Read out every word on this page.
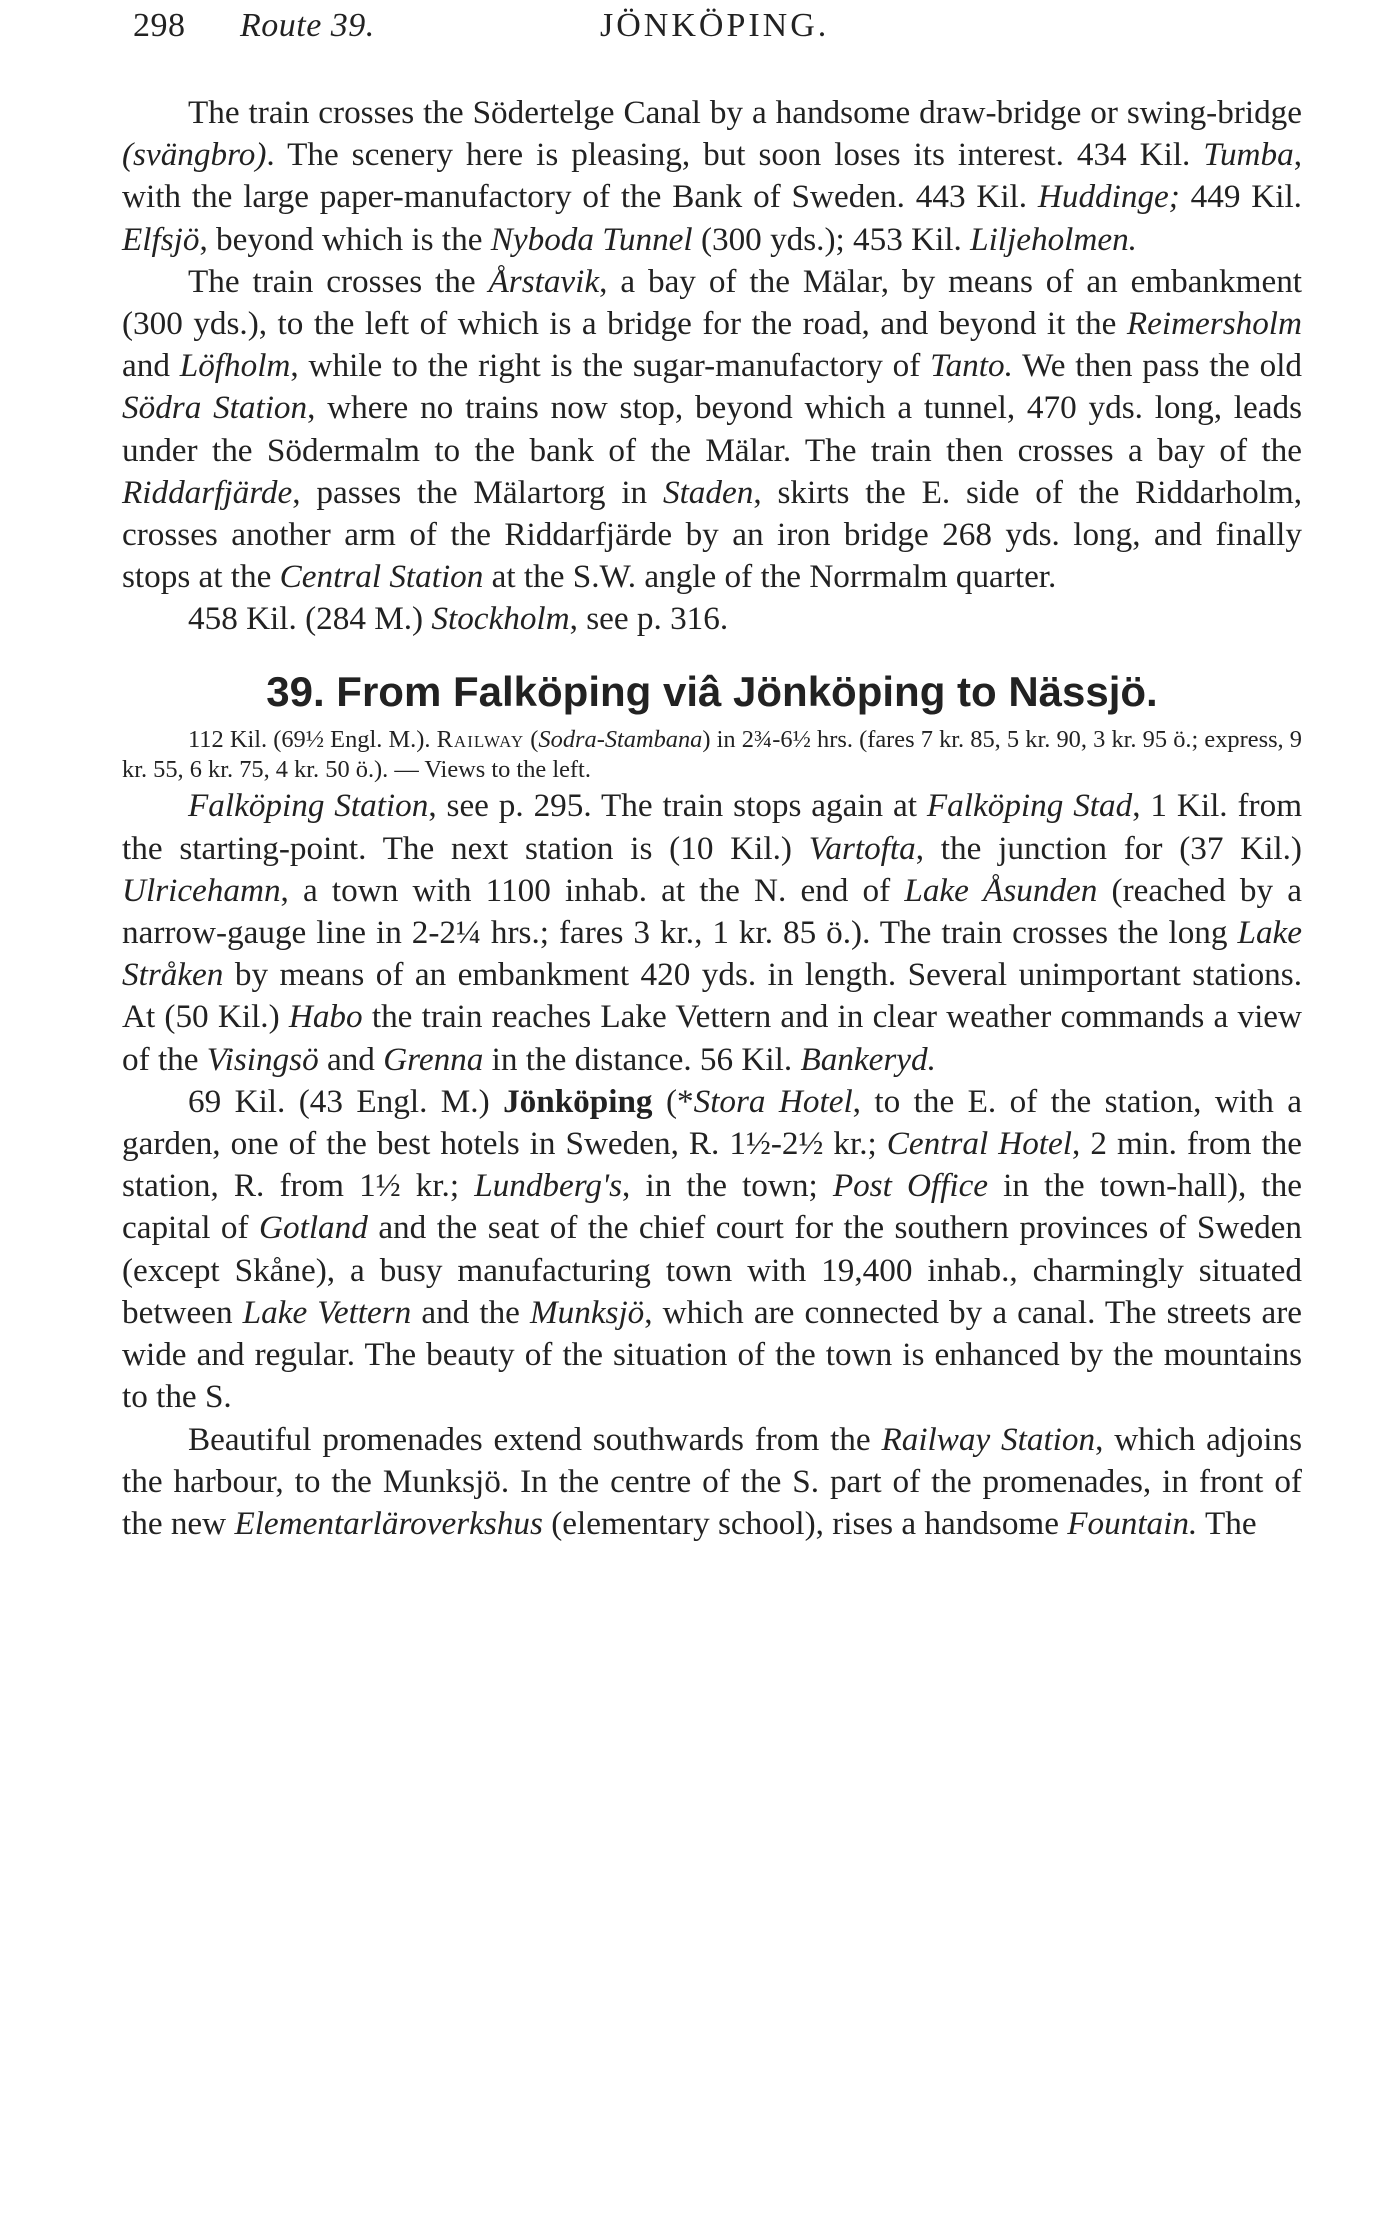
298 Route 39.	JÖNKÖPING.

The train crosses the Södertelge Canal by a handsome draw-bridge or swing-bridge (svängbro). The scenery here is pleasing, but soon loses its interest. 434 Kil. Tumba, with the large paper-manufactory of the Bank of Sweden. 443 Kil. Huddinge; 449 Kil. Elfsjö, beyond which is the Nyboda Tunnel (300 yds.); 453 Kil. Liljeholmen.

The train crosses the Årstavik, a bay of the Mälar, by means of an embankment (300 yds.), to the left of which is a bridge for the road, and beyond it the Reimersholm and Löfholm, while to the right is the sugar-manufactory of Tanto. We then pass the old Södra Station, where no trains now stop, beyond which a tunnel, 470 yds. long, leads under the Södermalm to the bank of the Mälar. The train then crosses a bay of the Riddarfjärde, passes the Mälartorg in Staden, skirts the E. side of the Riddarholm, crosses another arm of the Riddarfjärde by an iron bridge 268 yds. long, and finally stops at the Central Station at the S.W. angle of the Norrmalm quarter.

458 Kil. (284 M.) Stockholm, see p. 316.

39. From Falköping viâ Jönköping to Nässjö.

112 Kil. (69½ Engl. M.). Railway (Sodra-Stambana) in 2¾-6½ hrs. (fares 7 kr. 85, 5 kr. 90, 3 kr. 95 ö.; express, 9 kr. 55, 6 kr. 75, 4 kr. 50 ö.). — Views to the left.

Falköping Station, see p. 295. The train stops again at Falköping Stad, 1 Kil. from the starting-point. The next station is (10 Kil.) Vartofta, the junction for (37 Kil.) Ulricehamn, a town with 1100 inhab. at the N. end of Lake Åsunden (reached by a narrow-gauge line in 2-2¼ hrs.; fares 3 kr., 1 kr. 85 ö.). The train crosses the long Lake Stråken by means of an embankment 420 yds. in length. Several unimportant stations. At (50 Kil.) Habo the train reaches Lake Vettern and in clear weather commands a view of the Visingsö and Grenna in the distance. 56 Kil. Bankeryd.

69 Kil. (43 Engl. M.) Jönköping (*Stora Hotel, to the E. of the station, with a garden, one of the best hotels in Sweden, R. 1½-2½ kr.; Central Hotel, 2 min. from the station, R. from 1½ kr.; Lundberg's, in the town; Post Office in the town-hall), the capital of Gotland and the seat of the chief court for the southern provinces of Sweden (except Skåne), a busy manufacturing town with 19,400 inhab., charmingly situated between Lake Vettern and the Munksjö, which are connected by a canal. The streets are wide and regular. The beauty of the situation of the town is enhanced by the mountains to the S.

Beautiful promenades extend southwards from the Railway Station, which adjoins the harbour, to the Munksjö. In the centre of the S. part of the promenades, in front of the new Elementarläroverkshus (elementary school), rises a handsome Fountain. The
